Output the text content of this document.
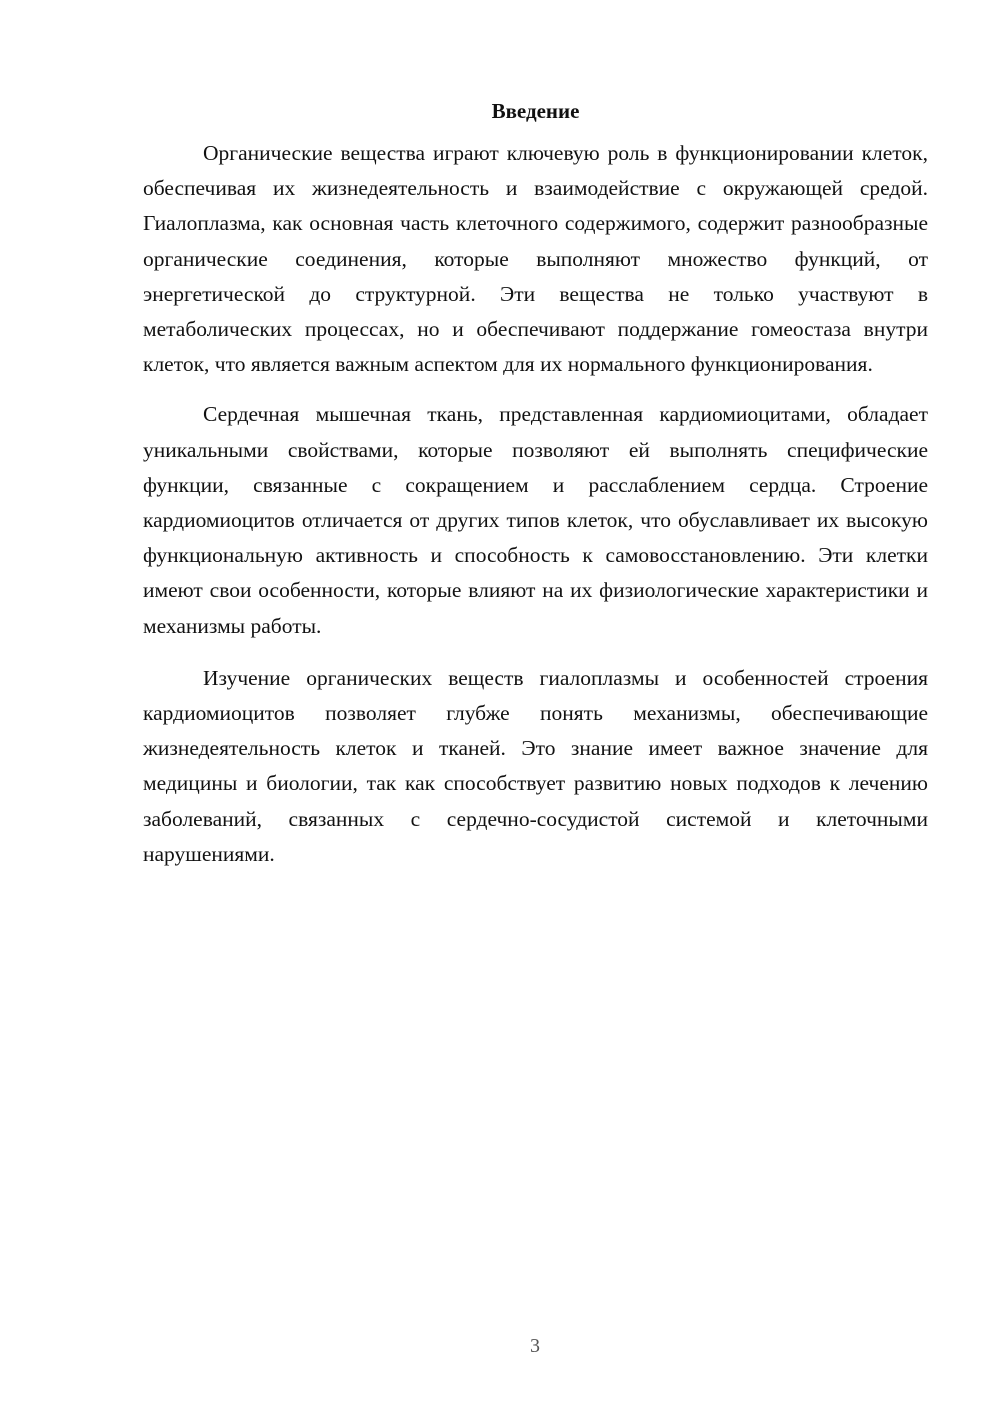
Введение

Органические вещества играют ключевую роль в функционировании клеток, обеспечивая их жизнедеятельность и взаимодействие с окружающей средой. Гиалоплазма, как основная часть клеточного содержимого, содержит разнообразные органические соединения, которые выполняют множество функций, от энергетической до структурной. Эти вещества не только участвуют в метаболических процессах, но и обеспечивают поддержание гомеостаза внутри клеток, что является важным аспектом для их нормального функционирования.

Сердечная мышечная ткань, представленная кардиомиоцитами, обладает уникальными свойствами, которые позволяют ей выполнять специфические функции, связанные с сокращением и расслаблением сердца. Строение кардиомиоцитов отличается от других типов клеток, что обуславливает их высокую функциональную активность и способность к самовосстановлению. Эти клетки имеют свои особенности, которые влияют на их физиологические характеристики и механизмы работы.

Изучение органических веществ гиалоплазмы и особенностей строения кардиомиоцитов позволяет глубже понять механизмы, обеспечивающие жизнедеятельность клеток и тканей. Это знание имеет важное значение для медицины и биологии, так как способствует развитию новых подходов к лечению заболеваний, связанных с сердечно-сосудистой системой и клеточными нарушениями.

3
